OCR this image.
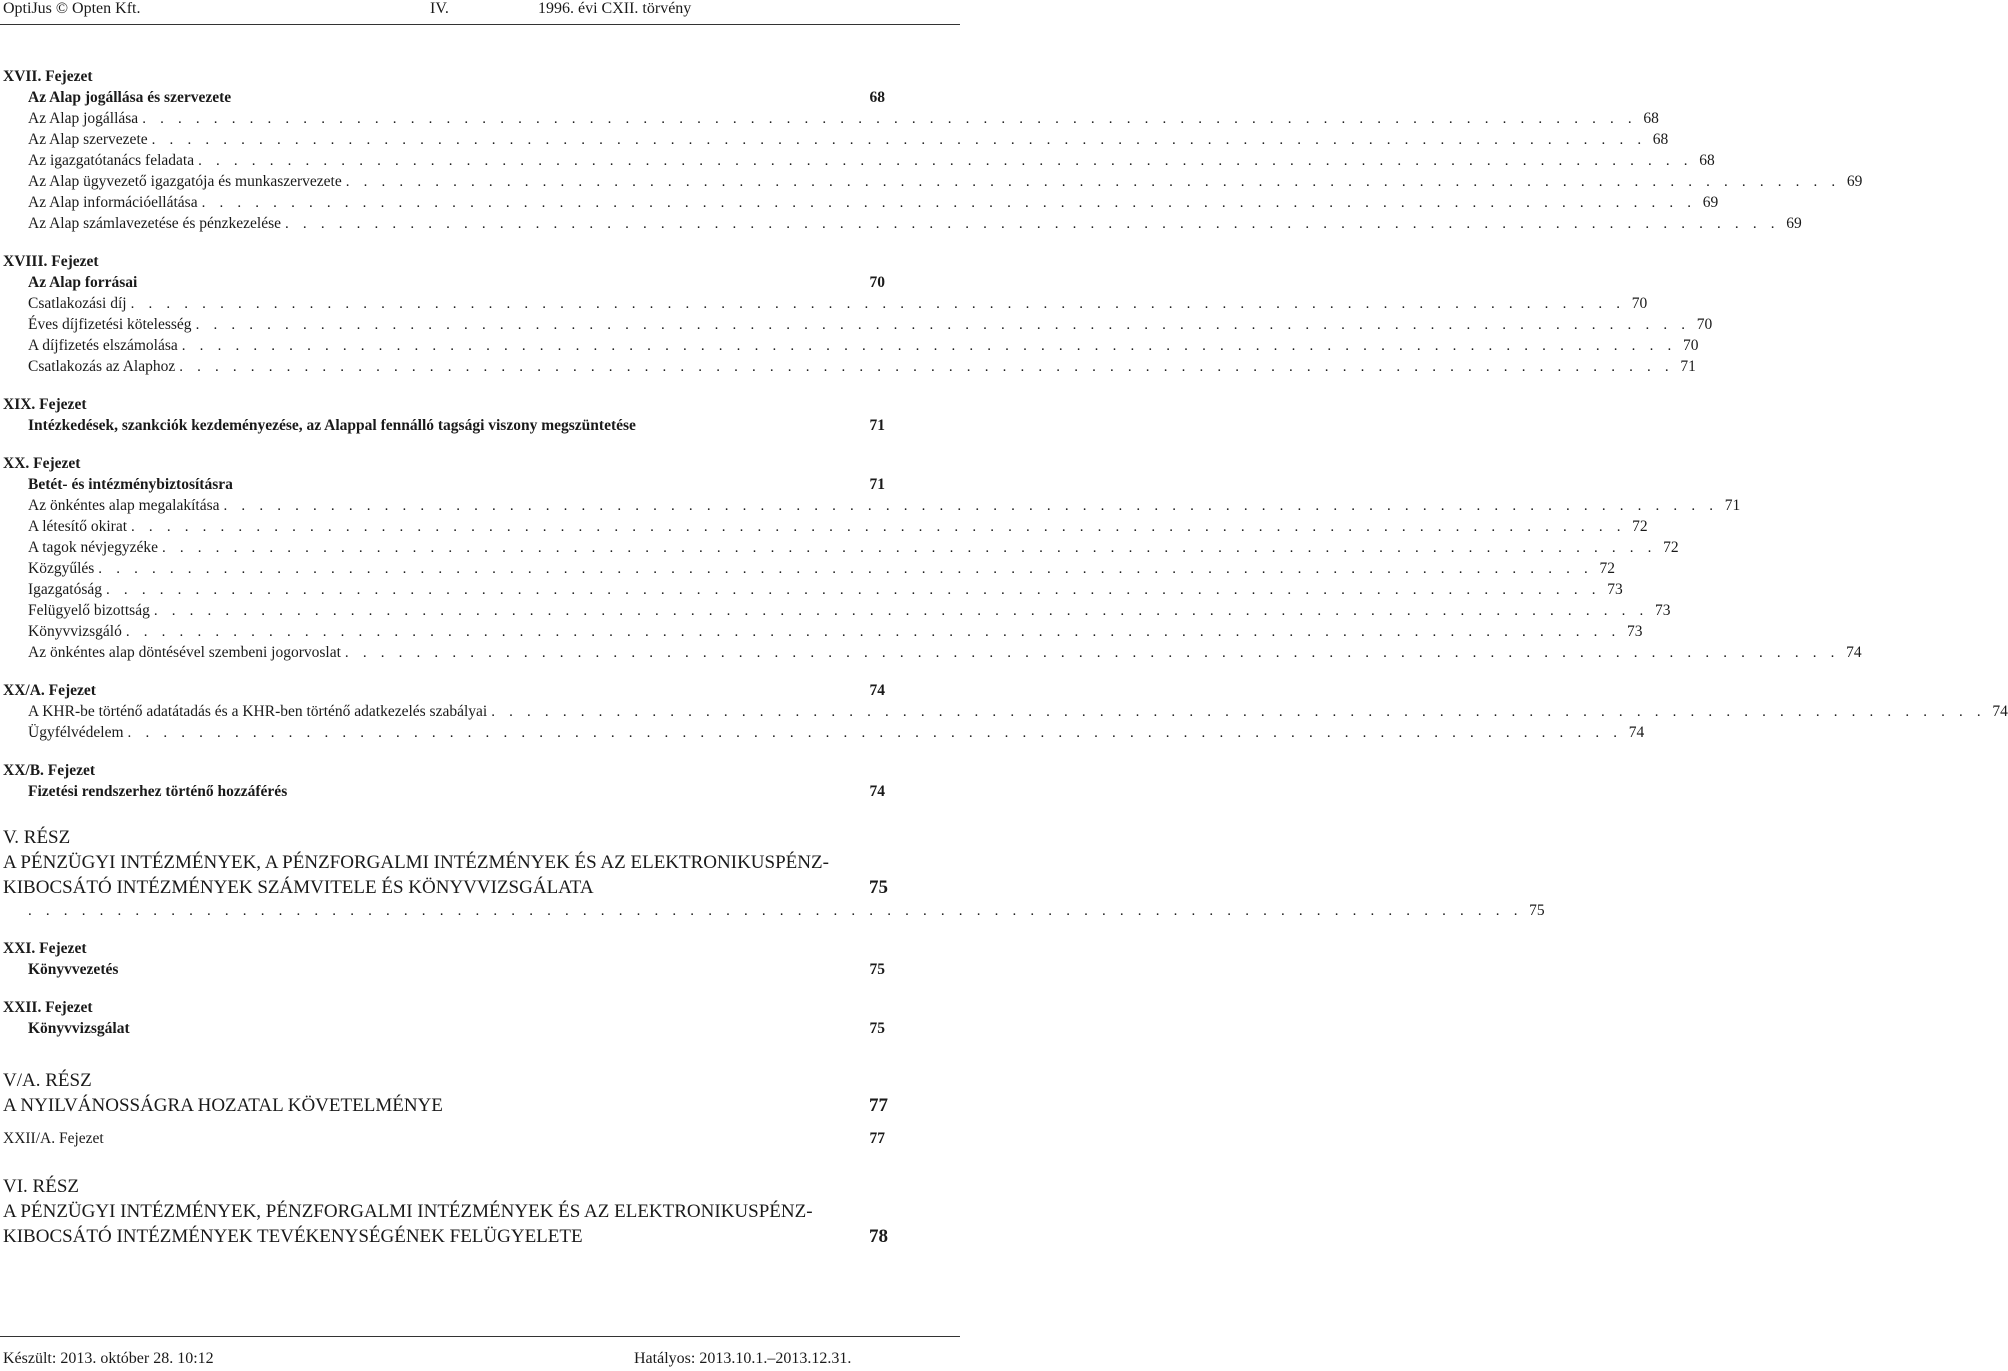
OptiJus © Opten Kft.	IV.	1996. évi CXII. törvény
XVII. Fejezet
Az Alap jogállása és szervezete	68
Az Alap jogállása . . . . . . . . . . . . . . . . . . . . . . . . . . . . . . . . . . . . . . . . . . . . . . . . . . . . . . . . . . . . . . . . . . . . . . . . . . . . . . . . . . . . 68
Az Alap szervezete . . . . . . . . . . . . . . . . . . . . . . . . . . . . . . . . . . . . . . . . . . . . . . . . . . . . . . . . . . . . . . . . . . . . . . . . . . . . . . . . . . . . 68
Az igazgatótanács feladata . . . . . . . . . . . . . . . . . . . . . . . . . . . . . . . . . . . . . . . . . . . . . . . . . . . . . . . . . . . . . . . . . . . . . . . . . . . . . . . . . . . . 68
Az Alap ügyvezető igazgatója és munkaszervezete . . . . . . . . . . . . . . . . . . . . . . . . . . . . . . . . . . . . . . . . . . . . . . . . . . . . . . . . . . . . . . . . . . . . . . . . . . . . . . . . . . . . 69
Az Alap információellátása . . . . . . . . . . . . . . . . . . . . . . . . . . . . . . . . . . . . . . . . . . . . . . . . . . . . . . . . . . . . . . . . . . . . . . . . . . . . . . . . . . . . 69
Az Alap számlavezetése és pénzkezelése . . . . . . . . . . . . . . . . . . . . . . . . . . . . . . . . . . . . . . . . . . . . . . . . . . . . . . . . . . . . . . . . . . . . . . . . . . . . . . . . . . . . 69
XVIII. Fejezet
Az Alap forrásai	70
Csatlakozási díj . . . . . . . . . . . . . . . . . . . . . . . . . . . . . . . . . . . . . . . . . . . . . . . . . . . . . . . . . . . . . . . . . . . . . . . . . . . . . . . . . . . . 70
Éves díjfizetési kötelesség . . . . . . . . . . . . . . . . . . . . . . . . . . . . . . . . . . . . . . . . . . . . . . . . . . . . . . . . . . . . . . . . . . . . . . . . . . . . . . . . . . . . 70
A díjfizetés elszámolása . . . . . . . . . . . . . . . . . . . . . . . . . . . . . . . . . . . . . . . . . . . . . . . . . . . . . . . . . . . . . . . . . . . . . . . . . . . . . . . . . . . . 70
Csatlakozás az Alaphoz . . . . . . . . . . . . . . . . . . . . . . . . . . . . . . . . . . . . . . . . . . . . . . . . . . . . . . . . . . . . . . . . . . . . . . . . . . . . . . . . . . . . 71
XIX. Fejezet
Intézkedések, szankciók kezdeményezése, az Alappal fennálló tagsági viszony megszüntetése	71
XX. Fejezet
Betét- és intézménybiztosításra	71
Az önkéntes alap megalakítása . . . . . . . . . . . . . . . . . . . . . . . . . . . . . . . . . . . . . . . . . . . . . . . . . . . . . . . . . . . . . . . . . . . . . . . . . . . . . . . . . . . . 71
A létesítő okirat . . . . . . . . . . . . . . . . . . . . . . . . . . . . . . . . . . . . . . . . . . . . . . . . . . . . . . . . . . . . . . . . . . . . . . . . . . . . . . . . . . . . 72
A tagok névjegyzéke . . . . . . . . . . . . . . . . . . . . . . . . . . . . . . . . . . . . . . . . . . . . . . . . . . . . . . . . . . . . . . . . . . . . . . . . . . . . . . . . . . . . 72
Közgyűlés . . . . . . . . . . . . . . . . . . . . . . . . . . . . . . . . . . . . . . . . . . . . . . . . . . . . . . . . . . . . . . . . . . . . . . . . . . . . . . . . . . . . 72
Igazgatóság . . . . . . . . . . . . . . . . . . . . . . . . . . . . . . . . . . . . . . . . . . . . . . . . . . . . . . . . . . . . . . . . . . . . . . . . . . . . . . . . . . . . 73
Felügyelő bizottság . . . . . . . . . . . . . . . . . . . . . . . . . . . . . . . . . . . . . . . . . . . . . . . . . . . . . . . . . . . . . . . . . . . . . . . . . . . . . . . . . . . . 73
Könyvvizsgáló . . . . . . . . . . . . . . . . . . . . . . . . . . . . . . . . . . . . . . . . . . . . . . . . . . . . . . . . . . . . . . . . . . . . . . . . . . . . . . . . . . . . 73
Az önkéntes alap döntésével szembeni jogorvoslat . . . . . . . . . . . . . . . . . . . . . . . . . . . . . . . . . . . . . . . . . . . . . . . . . . . . . . . . . . . . . . . . . . . . . . . . . . . . . . . . . . . . 74
XX/A. Fejezet	74
A KHR-be történő adatátadás és a KHR-ben történő adatkezelés szabályai . . . . . . . . . . . . . . . . . . . . . . . . . . . . . . . . . . . . . . . . . . . . . . . . . . . . . . . . . . . . . . . . . . . . . . . . . . . . . . . . . . . . 74
Ügyfélvédelem . . . . . . . . . . . . . . . . . . . . . . . . . . . . . . . . . . . . . . . . . . . . . . . . . . . . . . . . . . . . . . . . . . . . . . . . . . . . . . . . . . . . 74
XX/B. Fejezet
Fizetési rendszerhez történő hozzáférés	74
V. RÉSZ
A PÉNZÜGYI INTÉZMÉNYEK, A PÉNZFORGALMI INTÉZMÉNYEK ÉS AZ ELEKTRONIKUSPÉNZ-
KIBOCSÁTÓ INTÉZMÉNYEK SZÁMVITELE ÉS KÖNYVVIZSGÁLATA	75
. . . . . . . . . . . . . . . . . . . . . . . . . . . . . . . . . . . . . . . . . . . . . . . . . . . . . . . . . . . . . . . . . . . . . . . . . . . . . . . . . . . . 75
XXI. Fejezet
Könyvvezetés	75
XXII. Fejezet
Könyvvizsgálat	75
V/A. RÉSZ
A NYILVÁNOSSÁGRA HOZATAL KÖVETELMÉNYE	77
XXII/A. Fejezet	77
VI. RÉSZ
A PÉNZÜGYI INTÉZMÉNYEK, PÉNZFORGALMI INTÉZMÉNYEK ÉS AZ ELEKTRONIKUSPÉNZ-
KIBOCSÁTÓ INTÉZMÉNYEK TEVÉKENYSÉGÉNEK FELÜGYELETE	78
Készült: 2013. október 28. 10:12	Hatályos: 2013.10.1.–2013.12.31.
